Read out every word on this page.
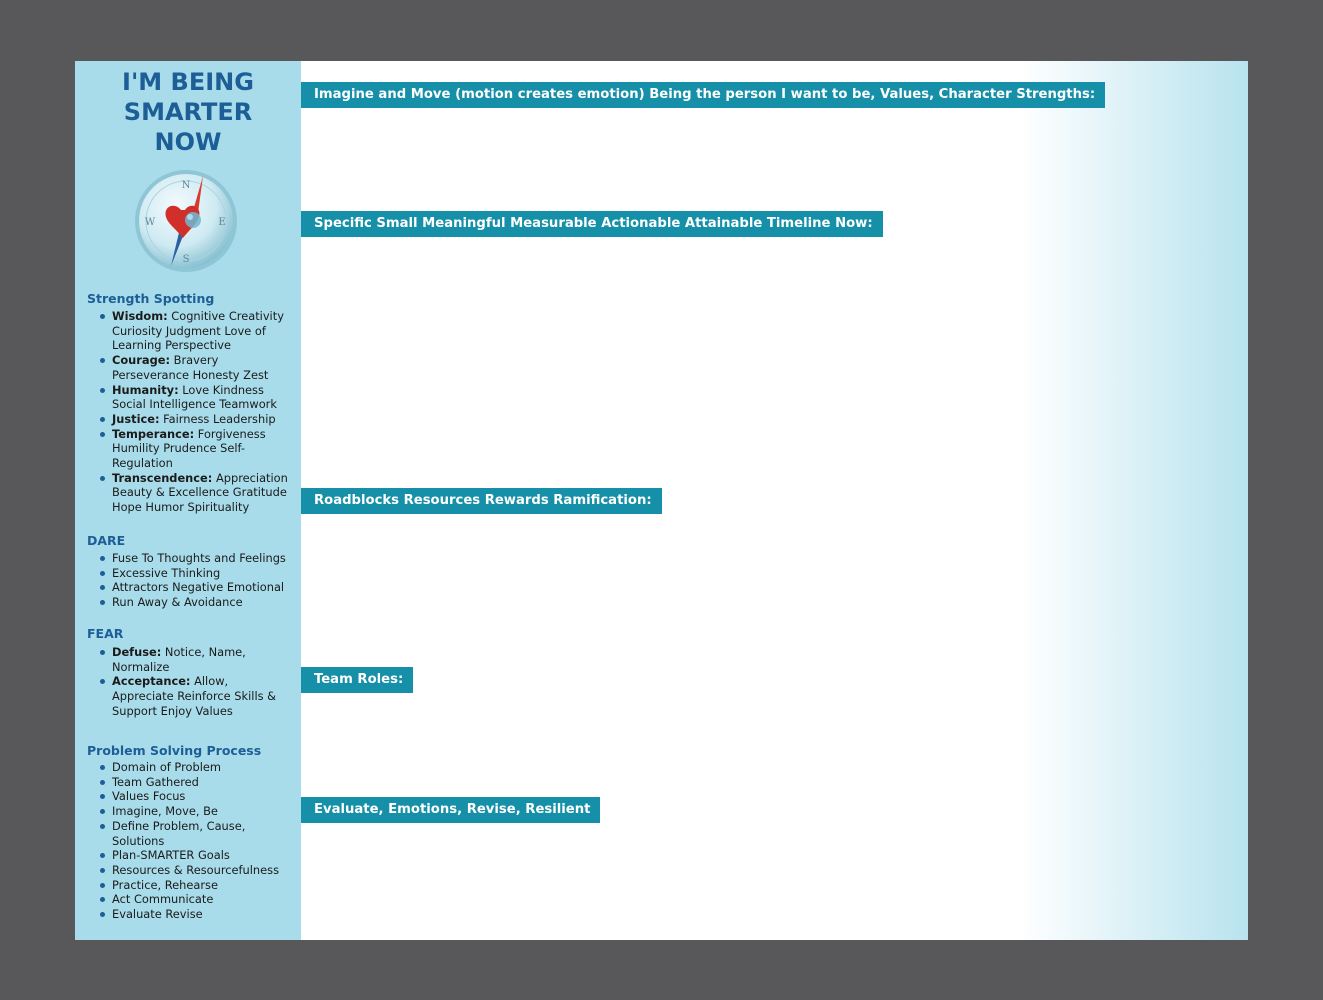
I'M BEING
SMARTER
NOW
N
E
S
W
Strength Spotting
Wisdom: Cognitive Creativity Curiosity Judgment Love of Learning Perspective
Courage: Bravery Perseverance Honesty Zest
Humanity: Love Kindness Social Intelligence Teamwork
Justice: Fairness Leadership
Temperance: Forgiveness Humility Prudence Self-Regulation
Transcendence: Appreciation Beauty & Excellence Gratitude Hope Humor Spirituality
DARE
Fuse To Thoughts and Feelings
Excessive Thinking
Attractors Negative Emotional
Run Away & Avoidance
FEAR
Defuse: Notice, Name, Normalize
Acceptance: Allow, Appreciate Reinforce Skills & Support Enjoy Values
Problem Solving Process
Domain of Problem
Team Gathered
Values Focus
Imagine, Move, Be
Define Problem, Cause, Solutions
Plan-SMARTER Goals
Resources & Resourcefulness
Practice, Rehearse
Act Communicate
Evaluate Revise
Imagine and Move (motion creates emotion) Being the person I want to be, Values, Character Strengths:
Specific Small Meaningful Measurable Actionable Attainable Timeline Now:
Roadblocks Resources Rewards Ramification:
Team Roles:
Evaluate, Emotions, Revise, Resilient
